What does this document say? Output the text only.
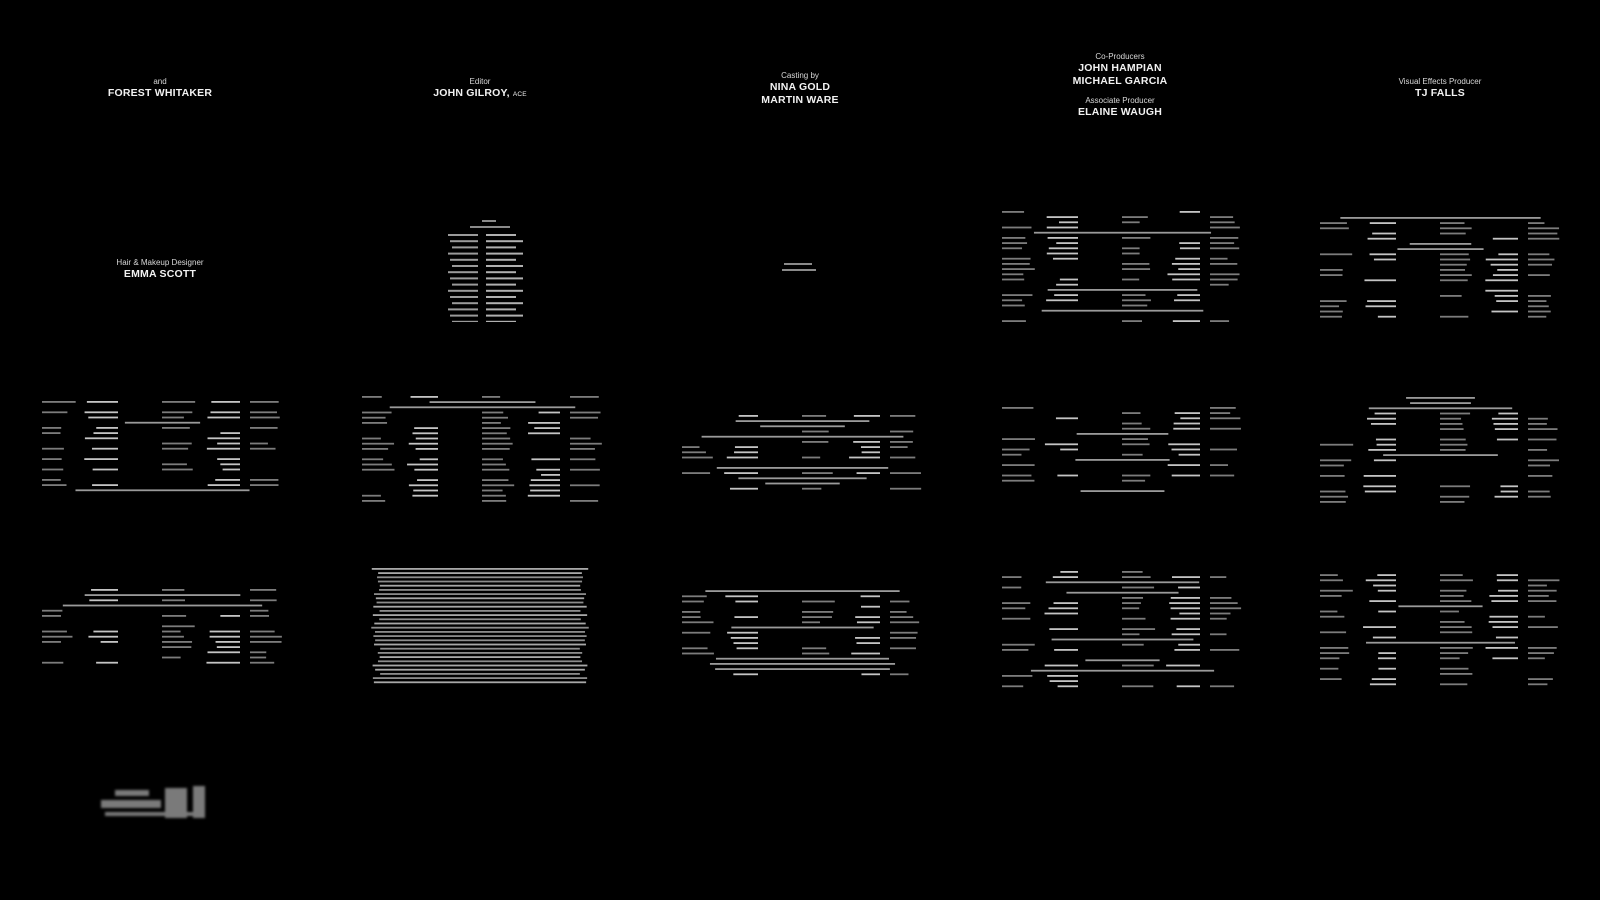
and
FOREST WHITAKER
Editor
JOHN GILROY, ACE
Casting by
NINA GOLD
MARTIN WARE
Co-Producers
JOHN HAMPIAN
MICHAEL GARCIA
Associate Producer
ELAINE WAUGH
Visual Effects Producer
TJ FALLS
Hair & Makeup Designer
EMMA SCOTT
